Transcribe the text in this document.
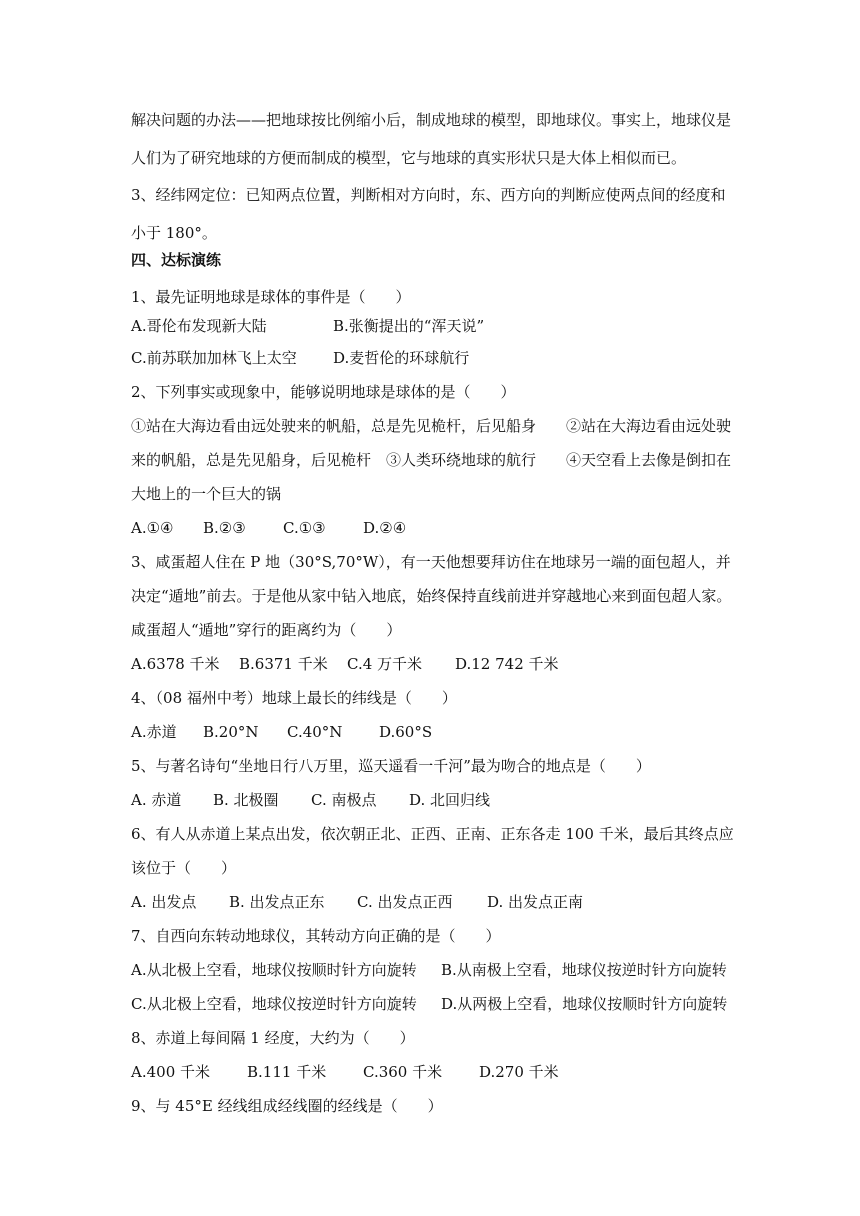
解决问题的办法——把地球按比例缩小后，制成地球的模型，即地球仪。事实上，地球仪是
人们为了研究地球的方便而制成的模型，它与地球的真实形状只是大体上相似而已。
3、经纬网定位：已知两点位置，判断相对方向时，东、西方向的判断应使两点间的经度和
小于 180°。
四、达标演练
1、最先证明地球是球体的事件是（　　）
A.哥伦布发现新大陆	B.张衡提出的“浑天说”
C.前苏联加加林飞上太空 D.麦哲伦的环球航行
2、下列事实或现象中，能够说明地球是球体的是（　　）
①站在大海边看由远处驶来的帆船，总是先见桅杆，后见船身　　②站在大海边看由远处驶
来的帆船，总是先见船身，后见桅杆　③人类环绕地球的航行　　④天空看上去像是倒扣在
大地上的一个巨大的锅
A.①④ B.②③ C.①③ D.②④
3、咸蛋超人住在 P 地（30°S,70°W），有一天他想要拜访住在地球另一端的面包超人，并
决定“遁地”前去。于是他从家中钻入地底，始终保持直线前进并穿越地心来到面包超人家。
咸蛋超人“遁地”穿行的距离约为（　　）
A.6378 千米 B.6371 千米 C.4 万千米 D.12 742 千米
4、（08 福州中考）地球上最长的纬线是（　　）
A.赤道 B.20°N C.40°N D.60°S
5、与著名诗句“坐地日行八万里，巡天遥看一千河”最为吻合的地点是（　　）
A. 赤道 B. 北极圈 C. 南极点 D. 北回归线
6、有人从赤道上某点出发，依次朝正北、正西、正南、正东各走 100 千米，最后其终点应
该位于（　　）
A. 出发点 B. 出发点正东 C. 出发点正西 D. 出发点正南
7、自西向东转动地球仪，其转动方向正确的是（　　）
A.从北极上空看，地球仪按顺时针方向旋转 B.从南极上空看，地球仪按逆时针方向旋转
C.从北极上空看，地球仪按逆时针方向旋转 D.从两极上空看，地球仪按顺时针方向旋转
8、赤道上每间隔 1 经度，大约为（　　）
A.400 千米 B.111 千米 C.360 千米 D.270 千米
9、与 45°E 经线组成经线圈的经线是（　　）
